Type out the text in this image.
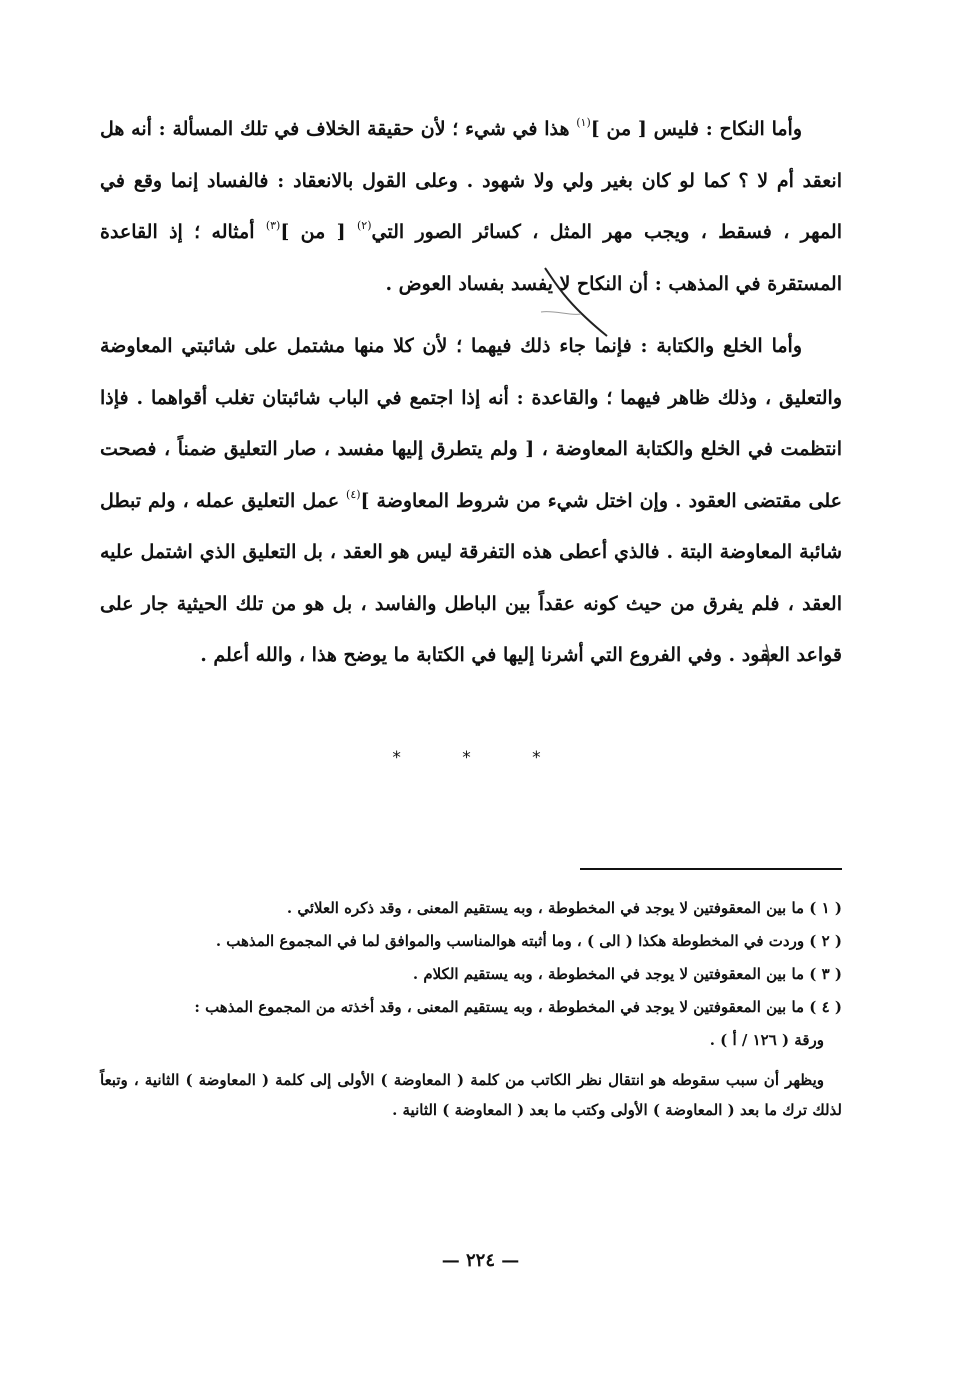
وأما النكاح : فليس [ من ]$^{(١)}$ هذا في شيء ؛ لأن حقيقة الخلاف في تلك المسألة : أنه هل انعقد أم لا ؟ كما لو كان بغير ولي ولا شهود . وعلى القول بالانعقاد : فالفساد إنما وقع في المهر ، فسقط ، ويجب مهر المثل ، كسائر الصور التي$^{(٢)}$ [ من ]$^{(٣)}$ أمثاله ؛ إذ القاعدة المستقرة في المذهب : أن النكاح لا يفسد بفساد العوض .

وأما الخلع والكتابة : فإنما جاء ذلك فيهما ؛ لأن كلا منها مشتمل على شائبتي المعاوضة والتعليق ، وذلك ظاهر فيهما ؛ والقاعدة : أنه إذا اجتمع في الباب شائبتان تغلب أقواهما . فإذا انتظمت في الخلع والكتابة المعاوضة ، [ ولم يتطرق إليها مفسد ، صار التعليق ضمناً ، فصحت على مقتضى العقود . وإن اختل شيء من شروط المعاوضة ]$^{(٤)}$ عمل التعليق عمله ، ولم تبطل شائبة المعاوضة البتة . فالذي أعطى هذه التفرقة ليس هو العقد ، بل التعليق الذي اشتمل عليه العقد ، فلم يفرق من حيث كونه عقداً بين الباطل والفاسد ، بل هو من تلك الحيثية جار على قواعد العقود . وفي الفروع التي أشرنا إليها في الكتابة ما يوضح هذا ، والله أعلم .

* * *

( ١ ) ما بين المعقوفتين لا يوجد في المخطوطة ، وبه يستقيم المعنى ، وقد ذكره العلائي .

( ٢ ) وردت في المخطوطة هكذا ( الى ) ، وما أثبته هوالمناسب والموافق لما في المجموع المذهب .

( ٣ ) ما بين المعقوفتين لا يوجد في المخطوطة ، وبه يستقيم الكلام .

( ٤ ) ما بين المعقوفتين لا يوجد في المخطوطة ، وبه يستقيم المعنى ، وقد أخذته من المجموع المذهب :

ورقة ( ١٢٦ / أ ) .

ويظهر أن سبب سقوطه هو انتقال نظر الكاتب من كلمة ( المعاوضة ) الأولى إلى كلمة ( المعاوضة ) الثانية ، وتبعاً لذلك ترك ما بعد ( المعاوضة ) الأولى وكتب ما بعد ( المعاوضة ) الثانية .

— ٢٢٤ —
